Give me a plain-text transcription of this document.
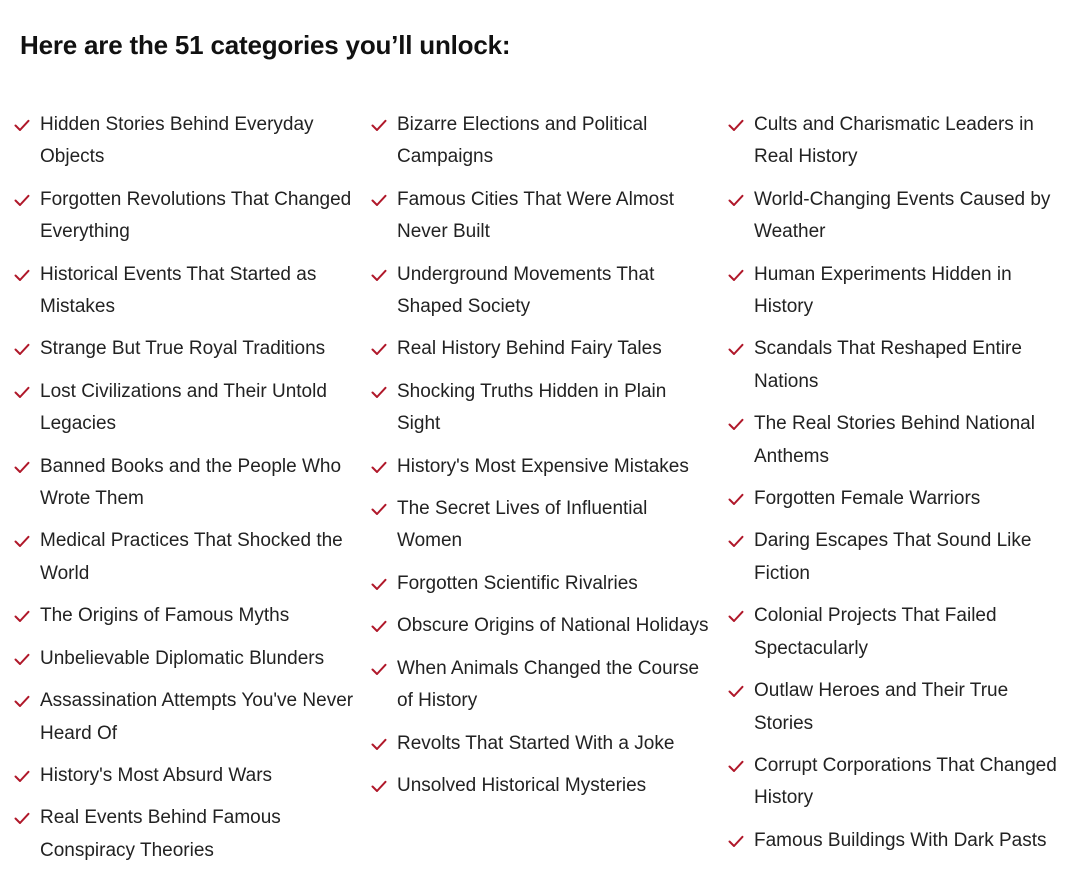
Here are the 51 categories you’ll unlock:
Hidden Stories Behind Everyday Objects
Forgotten Revolutions That Changed Everything
Historical Events That Started as Mistakes
Strange But True Royal Traditions
Lost Civilizations and Their Untold Legacies
Banned Books and the People Who Wrote Them
Medical Practices That Shocked the World
The Origins of Famous Myths
Unbelievable Diplomatic Blunders
Assassination Attempts You've Never Heard Of
History's Most Absurd Wars
Real Events Behind Famous Conspiracy Theories
Bizarre Elections and Political Campaigns
Famous Cities That Were Almost Never Built
Underground Movements That Shaped Society
Real History Behind Fairy Tales
Shocking Truths Hidden in Plain Sight
History's Most Expensive Mistakes
The Secret Lives of Influential Women
Forgotten Scientific Rivalries
Obscure Origins of National Holidays
When Animals Changed the Course of History
Revolts That Started With a Joke
Unsolved Historical Mysteries
Cults and Charismatic Leaders in Real History
World-Changing Events Caused by Weather
Human Experiments Hidden in History
Scandals That Reshaped Entire Nations
The Real Stories Behind National Anthems
Forgotten Female Warriors
Daring Escapes That Sound Like Fiction
Colonial Projects That Failed Spectacularly
Outlaw Heroes and Their True Stories
Corrupt Corporations That Changed History
Famous Buildings With Dark Pasts
